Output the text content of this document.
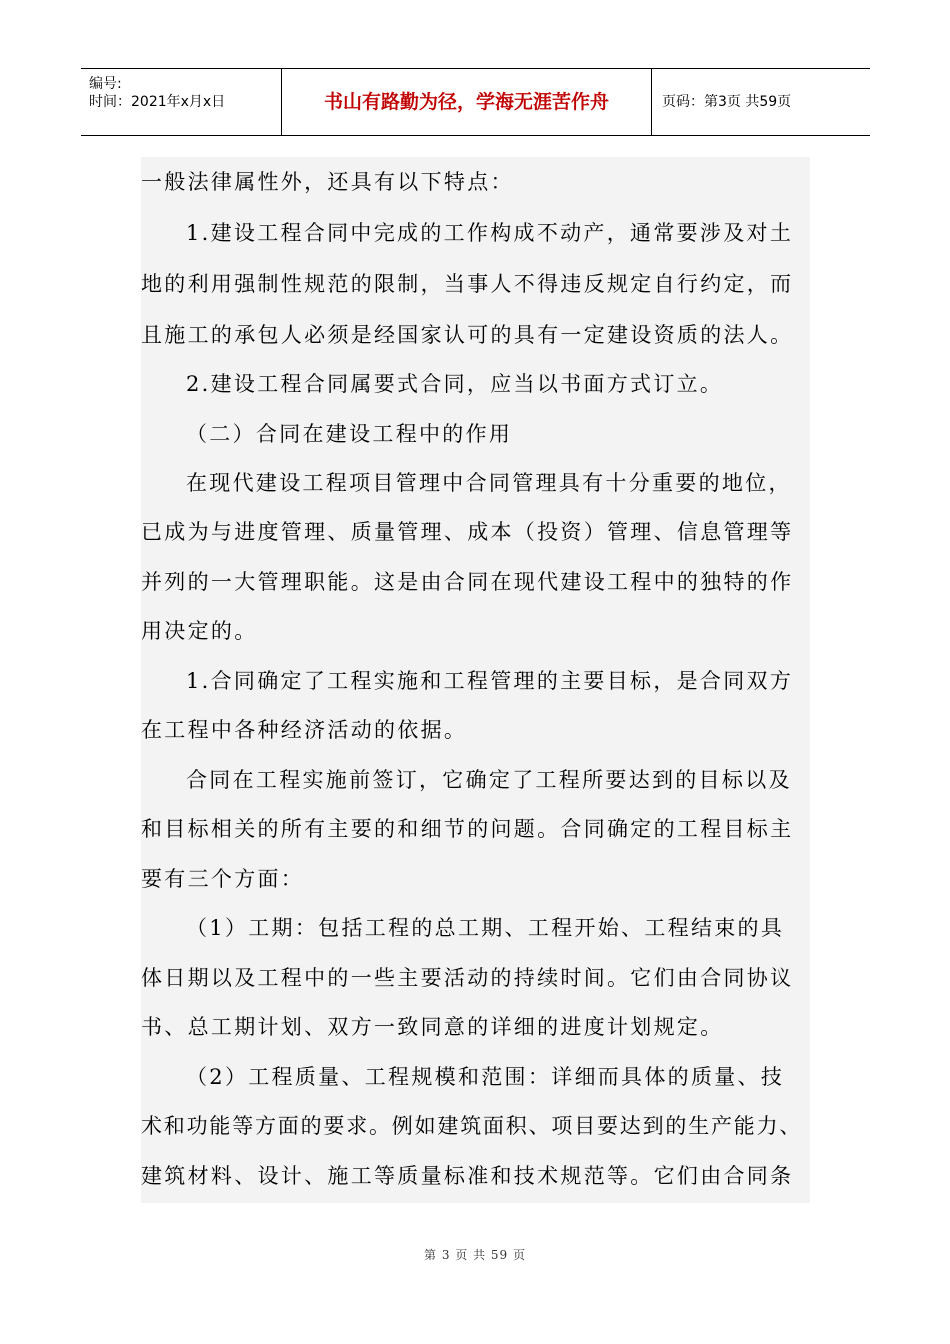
编号:
时间：2021年x月x日	书山有路勤为径，学海无涯苦作舟	页码：第3页 共59页
一般法律属性外，还具有以下特点：
1.建设工程合同中完成的工作构成不动产，通常要涉及对土
地的利用强制性规范的限制，当事人不得违反规定自行约定，而
且施工的承包人必须是经国家认可的具有一定建设资质的法人。
2.建设工程合同属要式合同，应当以书面方式订立。
（二）合同在建设工程中的作用
在现代建设工程项目管理中合同管理具有十分重要的地位，
已成为与进度管理、质量管理、成本（投资）管理、信息管理等
并列的一大管理职能。这是由合同在现代建设工程中的独特的作
用决定的。
1.合同确定了工程实施和工程管理的主要目标，是合同双方
在工程中各种经济活动的依据。
合同在工程实施前签订，它确定了工程所要达到的目标以及
和目标相关的所有主要的和细节的问题。合同确定的工程目标主
要有三个方面：
（1）工期：包括工程的总工期、工程开始、工程结束的具
体日期以及工程中的一些主要活动的持续时间。它们由合同协议
书、总工期计划、双方一致同意的详细的进度计划规定。
（2）工程质量、工程规模和范围：详细而具体的质量、技
术和功能等方面的要求。例如建筑面积、项目要达到的生产能力、
建筑材料、设计、施工等质量标准和技术规范等。它们由合同条
第 3 页 共 59 页
